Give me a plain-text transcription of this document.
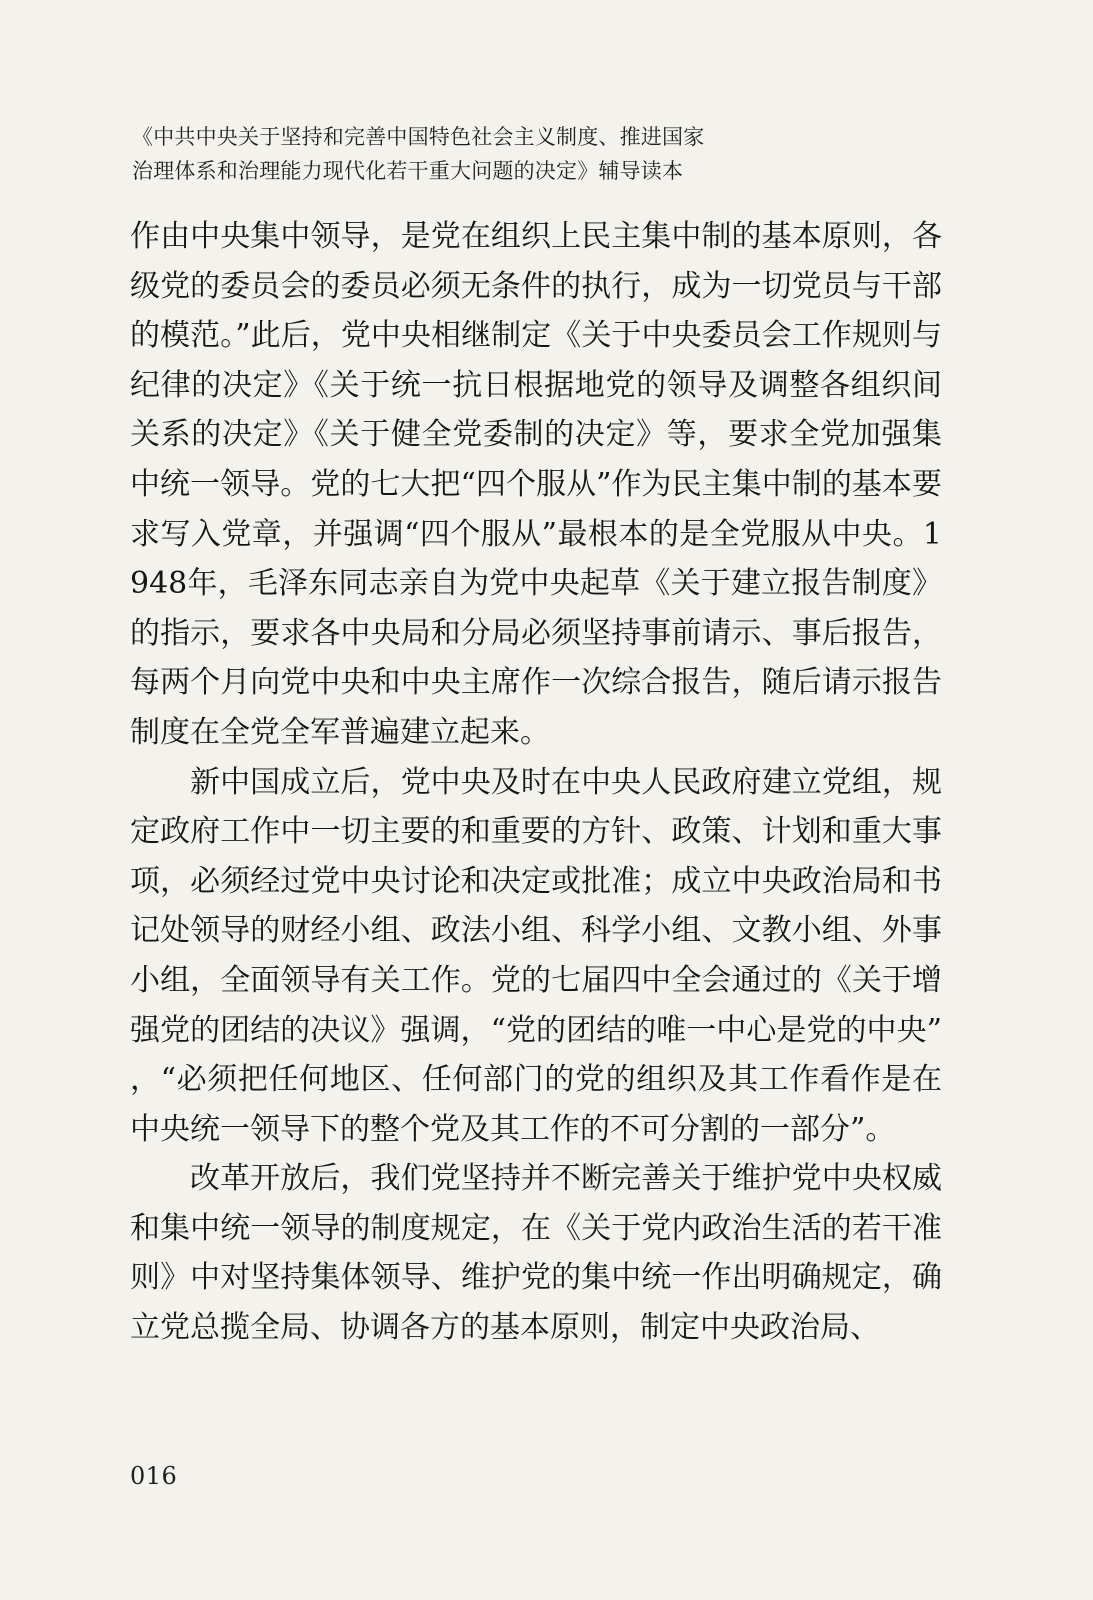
《中共中央关于坚持和完善中国特色社会主义制度、推进国家
治理体系和治理能力现代化若干重大问题的决定》辅导读本

作由中央集中领导，是党在组织上民主集中制的基本原则，各级党的委员会的委员必须无条件的执行，成为一切党员与干部的模范。”此后，党中央相继制定《关于中央委员会工作规则与纪律的决定》《关于统一抗日根据地党的领导及调整各组织间关系的决定》《关于健全党委制的决定》等，要求全党加强集中统一领导。党的七大把“四个服从”作为民主集中制的基本要求写入党章，并强调“四个服从”最根本的是全党服从中央。1948年，毛泽东同志亲自为党中央起草《关于建立报告制度》的指示，要求各中央局和分局必须坚持事前请示、事后报告，每两个月向党中央和中央主席作一次综合报告，随后请示报告制度在全党全军普遍建立起来。

新中国成立后，党中央及时在中央人民政府建立党组，规定政府工作中一切主要的和重要的方针、政策、计划和重大事项，必须经过党中央讨论和决定或批准；成立中央政治局和书记处领导的财经小组、政法小组、科学小组、文教小组、外事小组，全面领导有关工作。党的七届四中全会通过的《关于增强党的团结的决议》强调，“党的团结的唯一中心是党的中央”，“必须把任何地区、任何部门的党的组织及其工作看作是在中央统一领导下的整个党及其工作的不可分割的一部分”。

改革开放后，我们党坚持并不断完善关于维护党中央权威和集中统一领导的制度规定，在《关于党内政治生活的若干准则》中对坚持集体领导、维护党的集中统一作出明确规定，确立党总揽全局、协调各方的基本原则，制定中央政治局、

016
